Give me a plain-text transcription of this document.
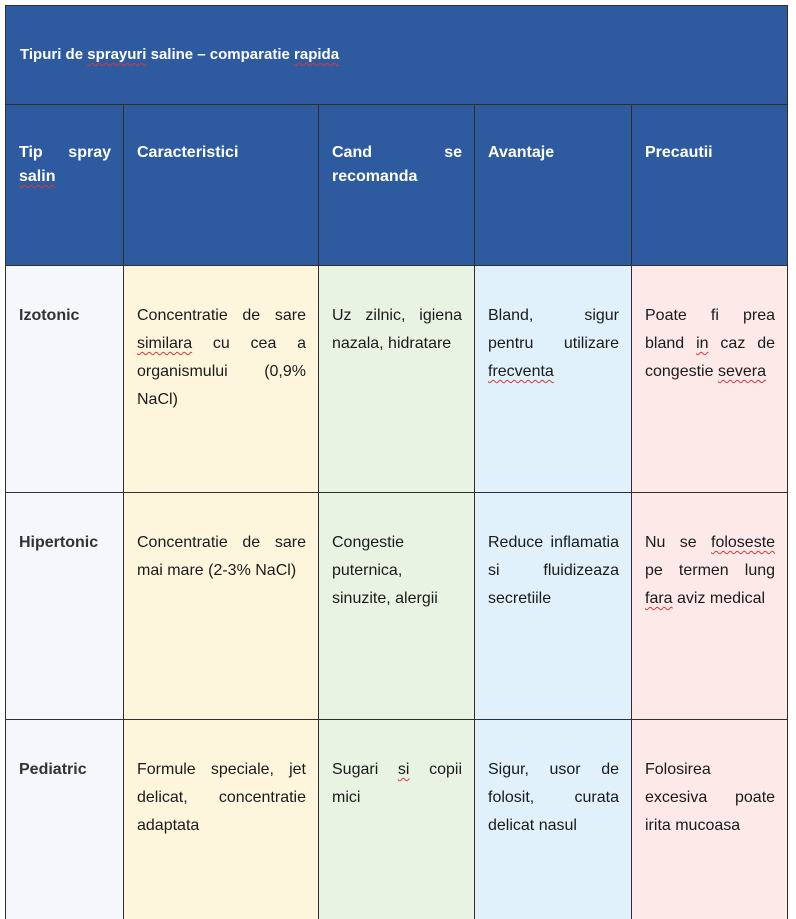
Tipuri de sprayuri saline – comparatie rapida				
Tip spray salin	Caracteristici	Cand se recomanda	Avantaje	Precautii
Izotonic	Concentratie de sare similara cu cea a organismului (0,9% NaCl)	Uz zilnic, igiena nazala, hidratare	Bland, sigur pentru utilizare frecventa	Poate fi prea bland in caz de congestie severa
Hipertonic	Concentratie de sare mai mare (2-3% NaCl)	Congestie puternica, sinuzite, alergii	Reduce inflamatia si fluidizeaza secretiile	Nu se foloseste pe termen lung fara aviz medical
Pediatric	Formule speciale, jet delicat, concentratie adaptata	Sugari si copii mici	Sigur, usor de folosit, curata delicat nasul	Folosirea excesiva poate irita mucoasa
